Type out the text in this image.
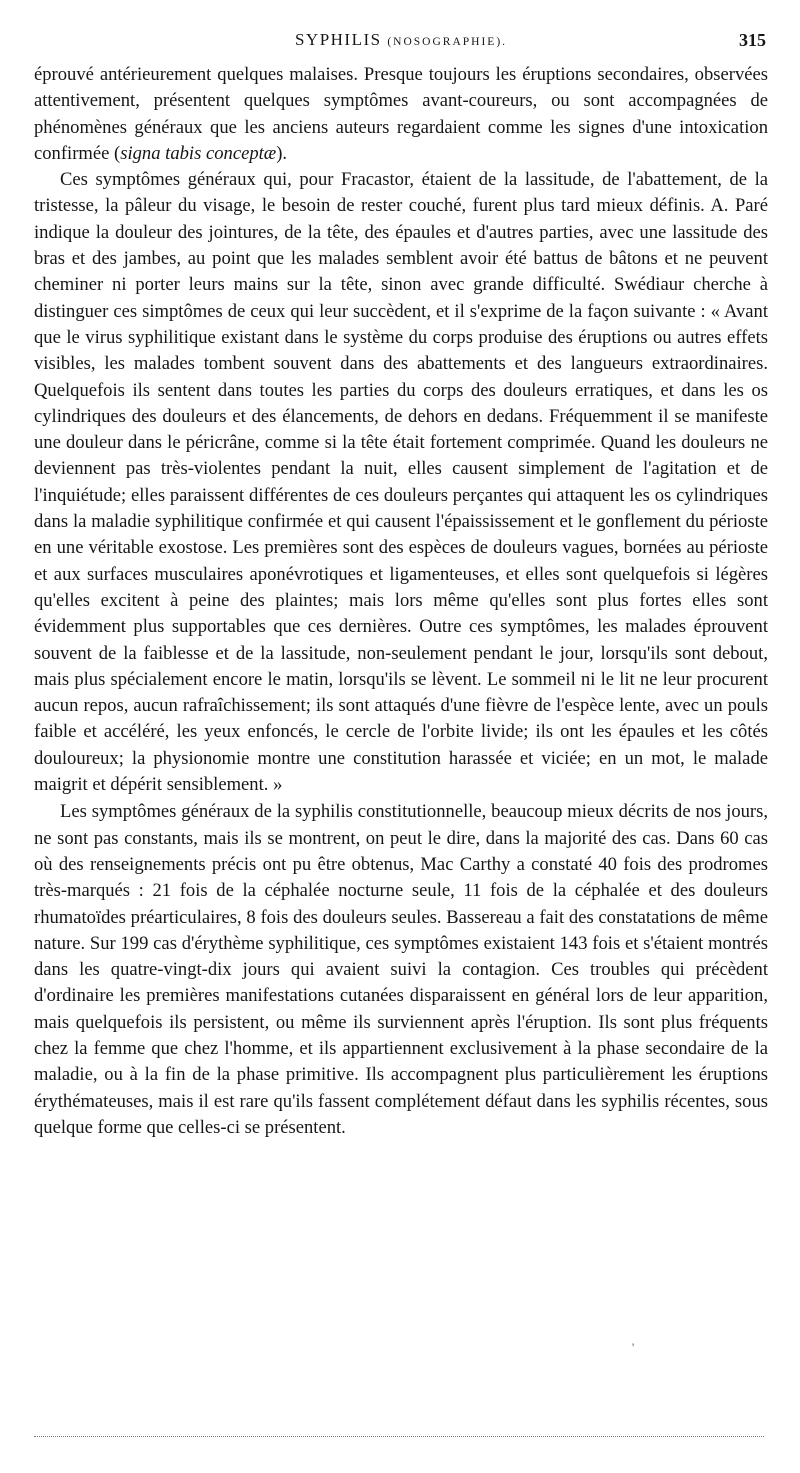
SYPHILIS (NOSOGRAPHIE).	315

éprouvé antérieurement quelques malaises. Presque toujours les éruptions secondaires, observées attentivement, présentent quelques symptômes avant-coureurs, ou sont accompagnées de phénomènes généraux que les anciens auteurs regardaient comme les signes d'une intoxication confirmée (signa tabis conceptæ).

Ces symptômes généraux qui, pour Fracastor, étaient de la lassitude, de l'abattement, de la tristesse, la pâleur du visage, le besoin de rester couché, furent plus tard mieux définis. A. Paré indique la douleur des jointures, de la tête, des épaules et d'autres parties, avec une lassitude des bras et des jambes, au point que les malades semblent avoir été battus de bâtons et ne peuvent cheminer ni porter leurs mains sur la tête, sinon avec grande difficulté. Swédiaur cherche à distinguer ces simptômes de ceux qui leur succèdent, et il s'exprime de la façon suivante : « Avant que le virus syphilitique existant dans le système du corps produise des éruptions ou autres effets visibles, les malades tombent souvent dans des abattements et des langueurs extraordinaires. Quelquefois ils sentent dans toutes les parties du corps des douleurs erratiques, et dans les os cylindriques des douleurs et des élancements, de dehors en dedans. Fréquemment il se manifeste une douleur dans le péricrâne, comme si la tête était fortement comprimée. Quand les douleurs ne deviennent pas très-violentes pendant la nuit, elles causent simplement de l'agitation et de l'inquiétude; elles paraissent différentes de ces douleurs perçantes qui attaquent les os cylindriques dans la maladie syphilitique confirmée et qui causent l'épaississement et le gonflement du périoste en une véritable exostose. Les premières sont des espèces de douleurs vagues, bornées au périoste et aux surfaces musculaires aponévrotiques et ligamenteuses, et elles sont quelquefois si légères qu'elles excitent à peine des plaintes; mais lors même qu'elles sont plus fortes elles sont évidemment plus supportables que ces dernières. Outre ces symptômes, les malades éprouvent souvent de la faiblesse et de la lassitude, non-seulement pendant le jour, lorsqu'ils sont debout, mais plus spécialement encore le matin, lorsqu'ils se lèvent. Le sommeil ni le lit ne leur procurent aucun repos, aucun rafraîchissement; ils sont attaqués d'une fièvre de l'espèce lente, avec un pouls faible et accéléré, les yeux enfoncés, le cercle de l'orbite livide; ils ont les épaules et les côtés douloureux; la physionomie montre une constitution harassée et viciée; en un mot, le malade maigrit et dépérit sensiblement. »

Les symptômes généraux de la syphilis constitutionnelle, beaucoup mieux décrits de nos jours, ne sont pas constants, mais ils se montrent, on peut le dire, dans la majorité des cas. Dans 60 cas où des renseignements précis ont pu être obtenus, Mac Carthy a constaté 40 fois des prodromes très-marqués : 21 fois de la céphalée nocturne seule, 11 fois de la céphalée et des douleurs rhumatoïdes préarticulaires, 8 fois des douleurs seules. Bassereau a fait des constatations de même nature. Sur 199 cas d'érythème syphilitique, ces symptômes existaient 143 fois et s'étaient montrés dans les quatre-vingt-dix jours qui avaient suivi la contagion. Ces troubles qui précèdent d'ordinaire les premières manifestations cutanées disparaissent en général lors de leur apparition, mais quelquefois ils persistent, ou même ils surviennent après l'éruption. Ils sont plus fréquents chez la femme que chez l'homme, et ils appartiennent exclusivement à la phase secondaire de la maladie, ou à la fin de la phase primitive. Ils accompagnent plus particulièrement les éruptions érythémateuses, mais il est rare qu'ils fassent complétement défaut dans les syphilis récentes, sous quelque forme que celles-ci se présentent.

'
